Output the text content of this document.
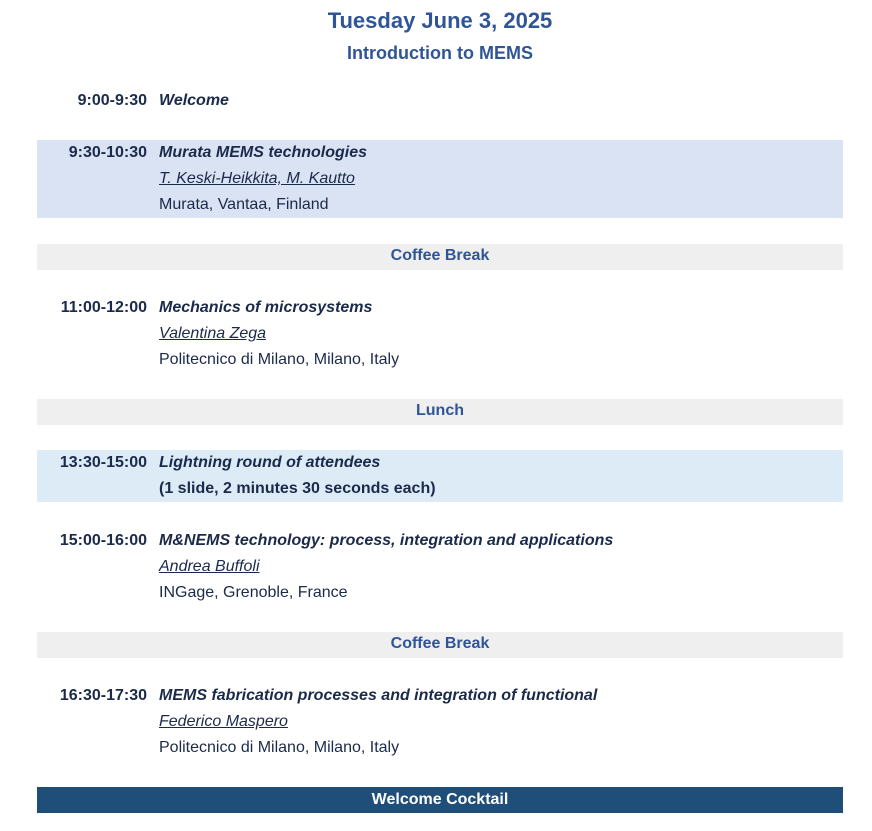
Tuesday June 3, 2025
Introduction to MEMS
9:00-9:30 Welcome
9:30-10:30 Murata MEMS technologies
T. Keski-Heikkita, M. Kautto
Murata, Vantaa, Finland
Coffee Break
11:00-12:00 Mechanics of microsystems
Valentina Zega
Politecnico di Milano, Milano, Italy
Lunch
13:30-15:00 Lightning round of attendees
(1 slide, 2 minutes 30 seconds each)
15:00-16:00 M&NEMS technology: process, integration and applications
Andrea Buffoli
INGage, Grenoble, France
Coffee Break
16:30-17:30 MEMS fabrication processes and integration of functional
Federico Maspero
Politecnico di Milano, Milano, Italy
Welcome Cocktail
